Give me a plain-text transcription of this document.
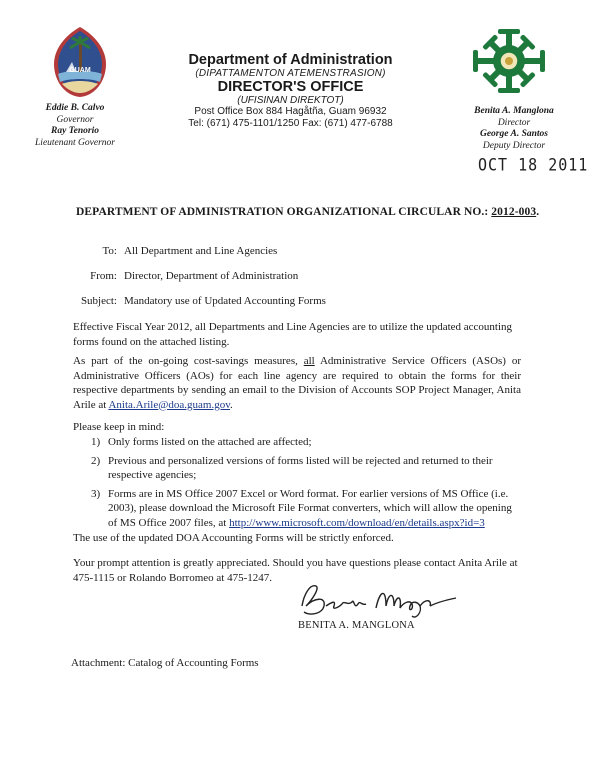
GUAM
Department of Administration
(DIPATTAMENTON ATEMENSTRASION)
DIRECTOR'S OFFICE
(UFISINAN DIREKTOT)
Post Office Box 884 Hagåtña, Guam 96932
Tel: (671) 475-1101/1250 Fax: (671) 477-6788
Eddie B. Calvo
Governor
Ray Tenorio
Lieutenant Governor
Benita A. Manglona
Director
George A. Santos
Deputy Director
OCT 18 2011
DEPARTMENT OF ADMINISTRATION ORGANIZATIONAL CIRCULAR NO.: 2012-003.
To: All Department and Line Agencies
From: Director, Department of Administration
Subject: Mandatory use of Updated Accounting Forms
Effective Fiscal Year 2012, all Departments and Line Agencies are to utilize the updated accounting forms found on the attached listing.
As part of the on-going cost-savings measures, all Administrative Service Officers (ASOs) or Administrative Officers (AOs) for each line agency are required to obtain the forms for their respective departments by sending an email to the Division of Accounts SOP Project Manager, Anita Arile at Anita.Arile@doa.guam.gov.
Please keep in mind:
1) Only forms listed on the attached are affected;
2) Previous and personalized versions of forms listed will be rejected and returned to their respective agencies;
3) Forms are in MS Office 2007 Excel or Word format. For earlier versions of MS Office (i.e. 2003), please download the Microsoft File Format converters, which will allow the opening of MS Office 2007 files, at http://www.microsoft.com/download/en/details.aspx?id=3
The use of the updated DOA Accounting Forms will be strictly enforced.
Your prompt attention is greatly appreciated. Should you have questions please contact Anita Arile at 475-1115 or Rolando Borromeo at 475-1247.
BENITA A. MANGLONA
Attachment: Catalog of Accounting Forms
